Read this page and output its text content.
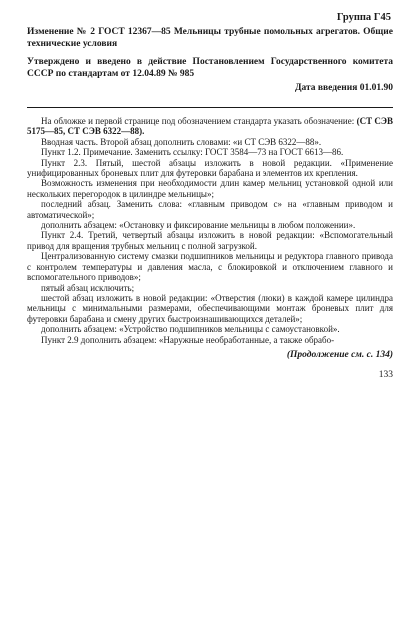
Группа Г45

Изменение № 2 ГОСТ 12367—85 Мельницы трубные помольных агрегатов. Общие технические условия

Утверждено и введено в действие Постановлением Государственного комитета СССР по стандартам от 12.04.89 № 985

Дата введения 01.01.90

На обложке и первой странице под обозначением стандарта указать обозначение: (СТ СЭВ 5175—85, СТ СЭВ 6322—88).

Вводная часть. Второй абзац дополнить словами: «и СТ СЭВ 6322—88».

Пункт 1.2. Примечание. Заменить ссылку: ГОСТ 3584—73 на ГОСТ 6613—86.

Пункт 2.3. Пятый, шестой абзацы изложить в новой редакции. «Применение унифицированных броневых плит для футеровки барабана и элементов их крепления.

Возможность изменения при необходимости длин камер мельниц установкой одной или нескольких перегородок в цилиндре мельницы»;

последний абзац. Заменить слова: «главным приводом с» на «главным приводом и автоматической»;

дополнить абзацем: «Остановку и фиксирование мельницы в любом положении».

Пункт 2.4. Третий, четвертый абзацы изложить в новой редакции: «Вспомогательный привод для вращения трубных мельниц с полной загрузкой.

Централизованную систему смазки подшипников мельницы и редуктора главного привода с контролем температуры и давления масла, с блокировкой и отключением главного и вспомогательного приводов»;

пятый абзац исключить;

шестой абзац изложить в новой редакции: «Отверстия (люки) в каждой камере цилиндра мельницы с минимальными размерами, обеспечивающими монтаж броневых плит для футеровки барабана и смену других быстроизнашивающихся деталей»;

дополнить абзацем: «Устройство подшипников мельницы с самоустановкой».

Пункт 2.9 дополнить абзацем: «Наружные необработанные, а также обрабо-

(Продолжение см. с. 134)

133
